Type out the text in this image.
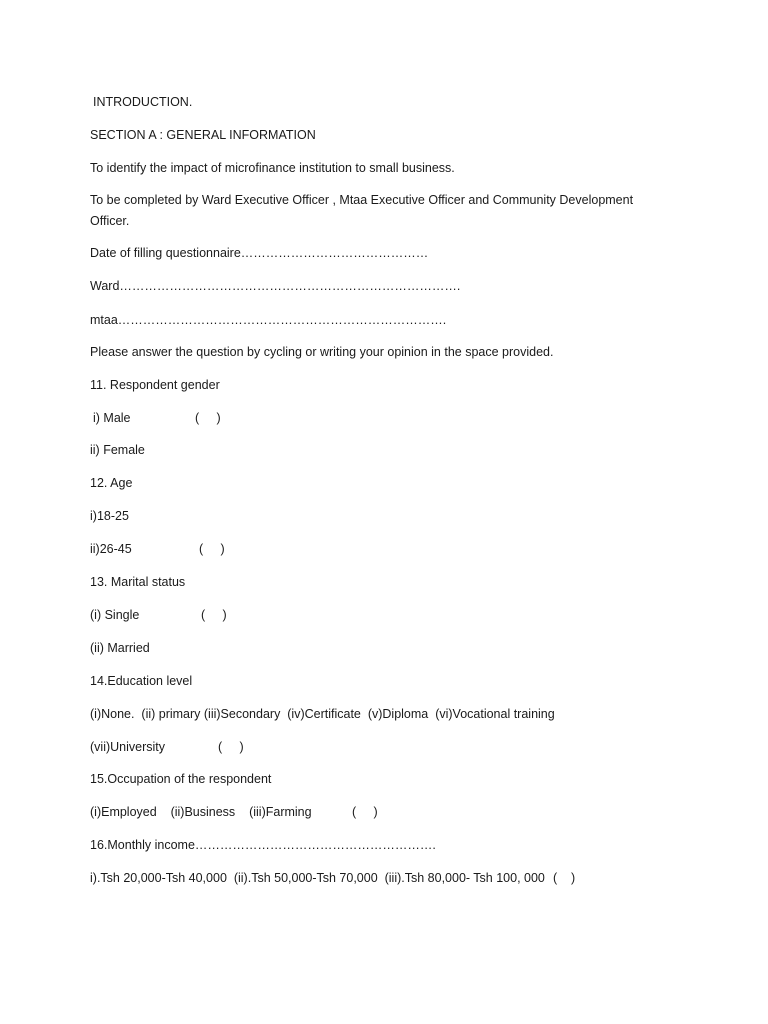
INTRODUCTION.
SECTION A : GENERAL INFORMATION
To identify the impact of microfinance institution to small business.
To be completed by Ward Executive Officer , Mtaa Executive Officer and Community Development Officer.
Date of filling questionnaire………………………………………
Ward……………………………………………………………………….
mtaa…………………………………………………………………….
Please answer the question by cycling or writing your opinion in the space provided.
11. Respondent gender
i) Male	(     )
ii) Female
12. Age
i)18-25
ii)26-45	(     )
13. Marital status
(i) Single	(     )
(ii) Married
14.Education level
(i)None.  (ii) primary (iii)Secondary  (iv)Certificate  (v)Diploma  (vi)Vocational training
(vii)University	(     )
15.Occupation of the respondent
(i)Employed    (ii)Business    (iii)Farming	(     )
16.Monthly income………………………………………………….
i).Tsh 20,000-Tsh 40,000  (ii).Tsh 50,000-Tsh 70,000  (iii).Tsh 80,000- Tsh 100, 000 (    )
